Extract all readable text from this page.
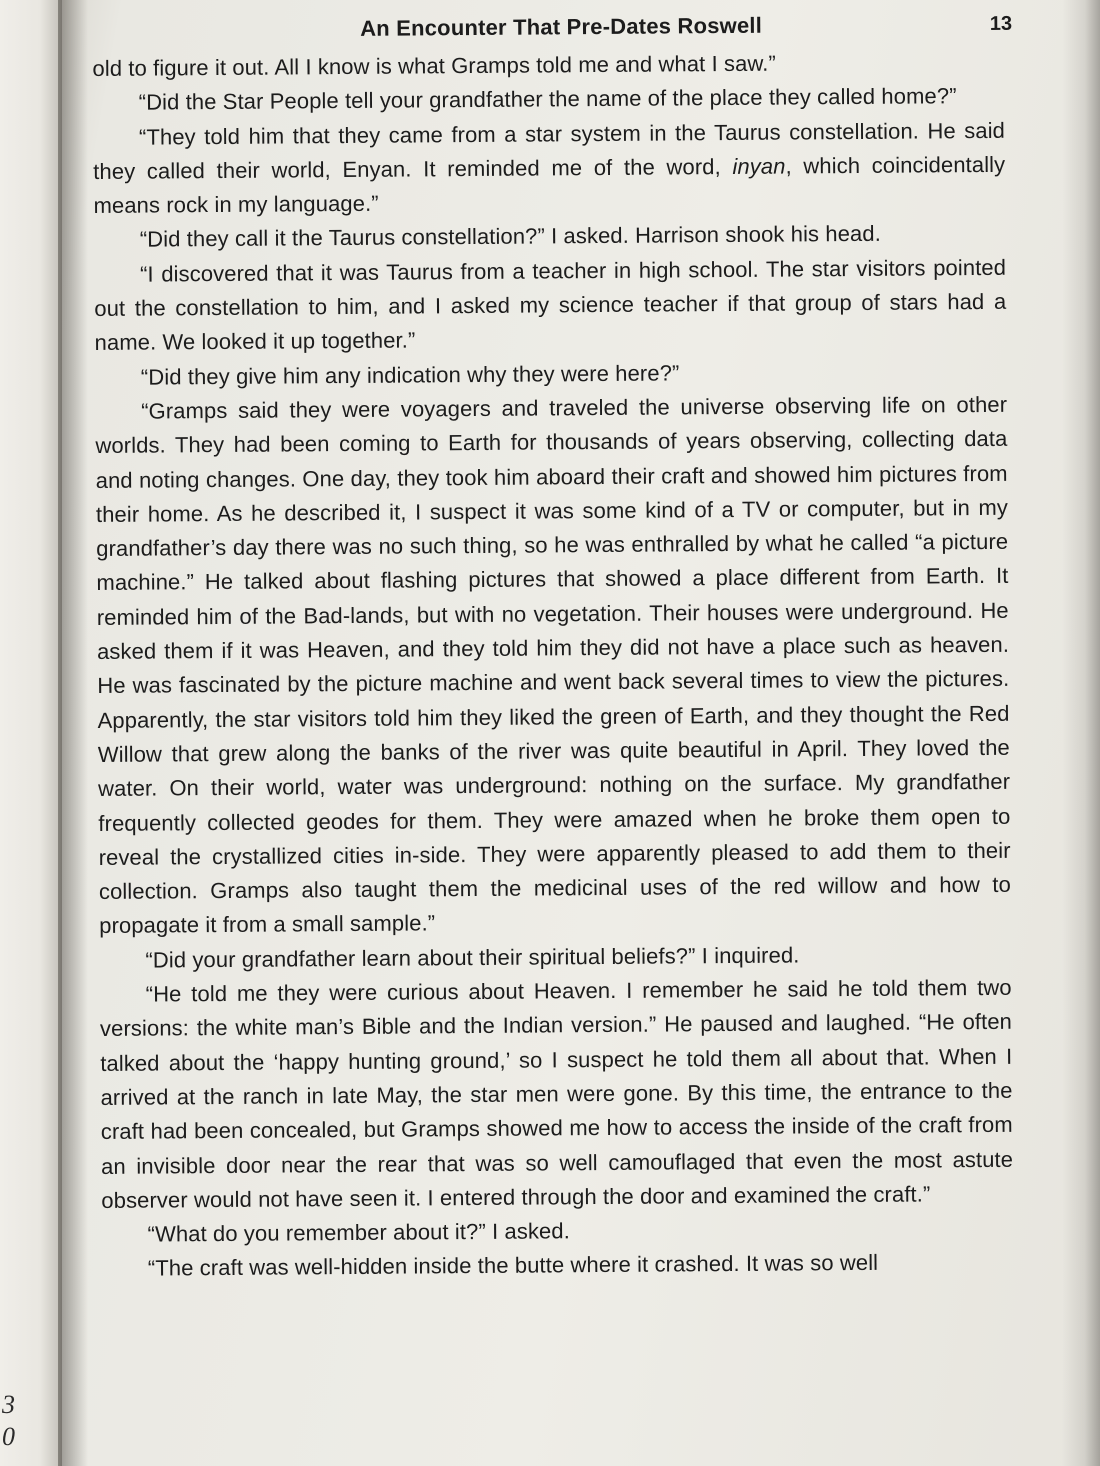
3
0
An Encounter That Pre-Dates Roswell	13

old to figure it out. All I know is what Gramps told me and what I saw.”

“Did the Star People tell your grandfather the name of the place they called home?”

“They told him that they came from a star system in the Taurus constellation. He said they called their world, Enyan. It reminded me of the word, inyan, which coincidentally means rock in my language.”

“Did they call it the Taurus constellation?” I asked. Harrison shook his head.

“I discovered that it was Taurus from a teacher in high school. The star visitors pointed out the constellation to him, and I asked my science teacher if that group of stars had a name. We looked it up together.”

“Did they give him any indication why they were here?”

“Gramps said they were voyagers and traveled the universe observing life on other worlds. They had been coming to Earth for thousands of years observing, collecting data and noting changes. One day, they took him aboard their craft and showed him pictures from their home. As he described it, I suspect it was some kind of a TV or computer, but in my grandfather’s day there was no such thing, so he was enthralled by what he called “a picture machine.” He talked about flashing pictures that showed a place different from Earth. It reminded him of the Bad-lands, but with no vegetation. Their houses were underground. He asked them if it was Heaven, and they told him they did not have a place such as heaven. He was fascinated by the picture machine and went back several times to view the pictures. Apparently, the star visitors told him they liked the green of Earth, and they thought the Red Willow that grew along the banks of the river was quite beautiful in April. They loved the water. On their world, water was underground: nothing on the surface. My grandfather frequently collected geodes for them. They were amazed when he broke them open to reveal the crystallized cities in-side. They were apparently pleased to add them to their collection. Gramps also taught them the medicinal uses of the red willow and how to propagate it from a small sample.”

“Did your grandfather learn about their spiritual beliefs?” I inquired.

“He told me they were curious about Heaven. I remember he said he told them two versions: the white man’s Bible and the Indian version.” He paused and laughed. “He often talked about the ‘happy hunting ground,’ so I suspect he told them all about that. When I arrived at the ranch in late May, the star men were gone. By this time, the entrance to the craft had been concealed, but Gramps showed me how to access the inside of the craft from an invisible door near the rear that was so well camouflaged that even the most astute observer would not have seen it. I entered through the door and examined the craft.”

“What do you remember about it?” I asked.

“The craft was well-hidden inside the butte where it crashed. It was so well
